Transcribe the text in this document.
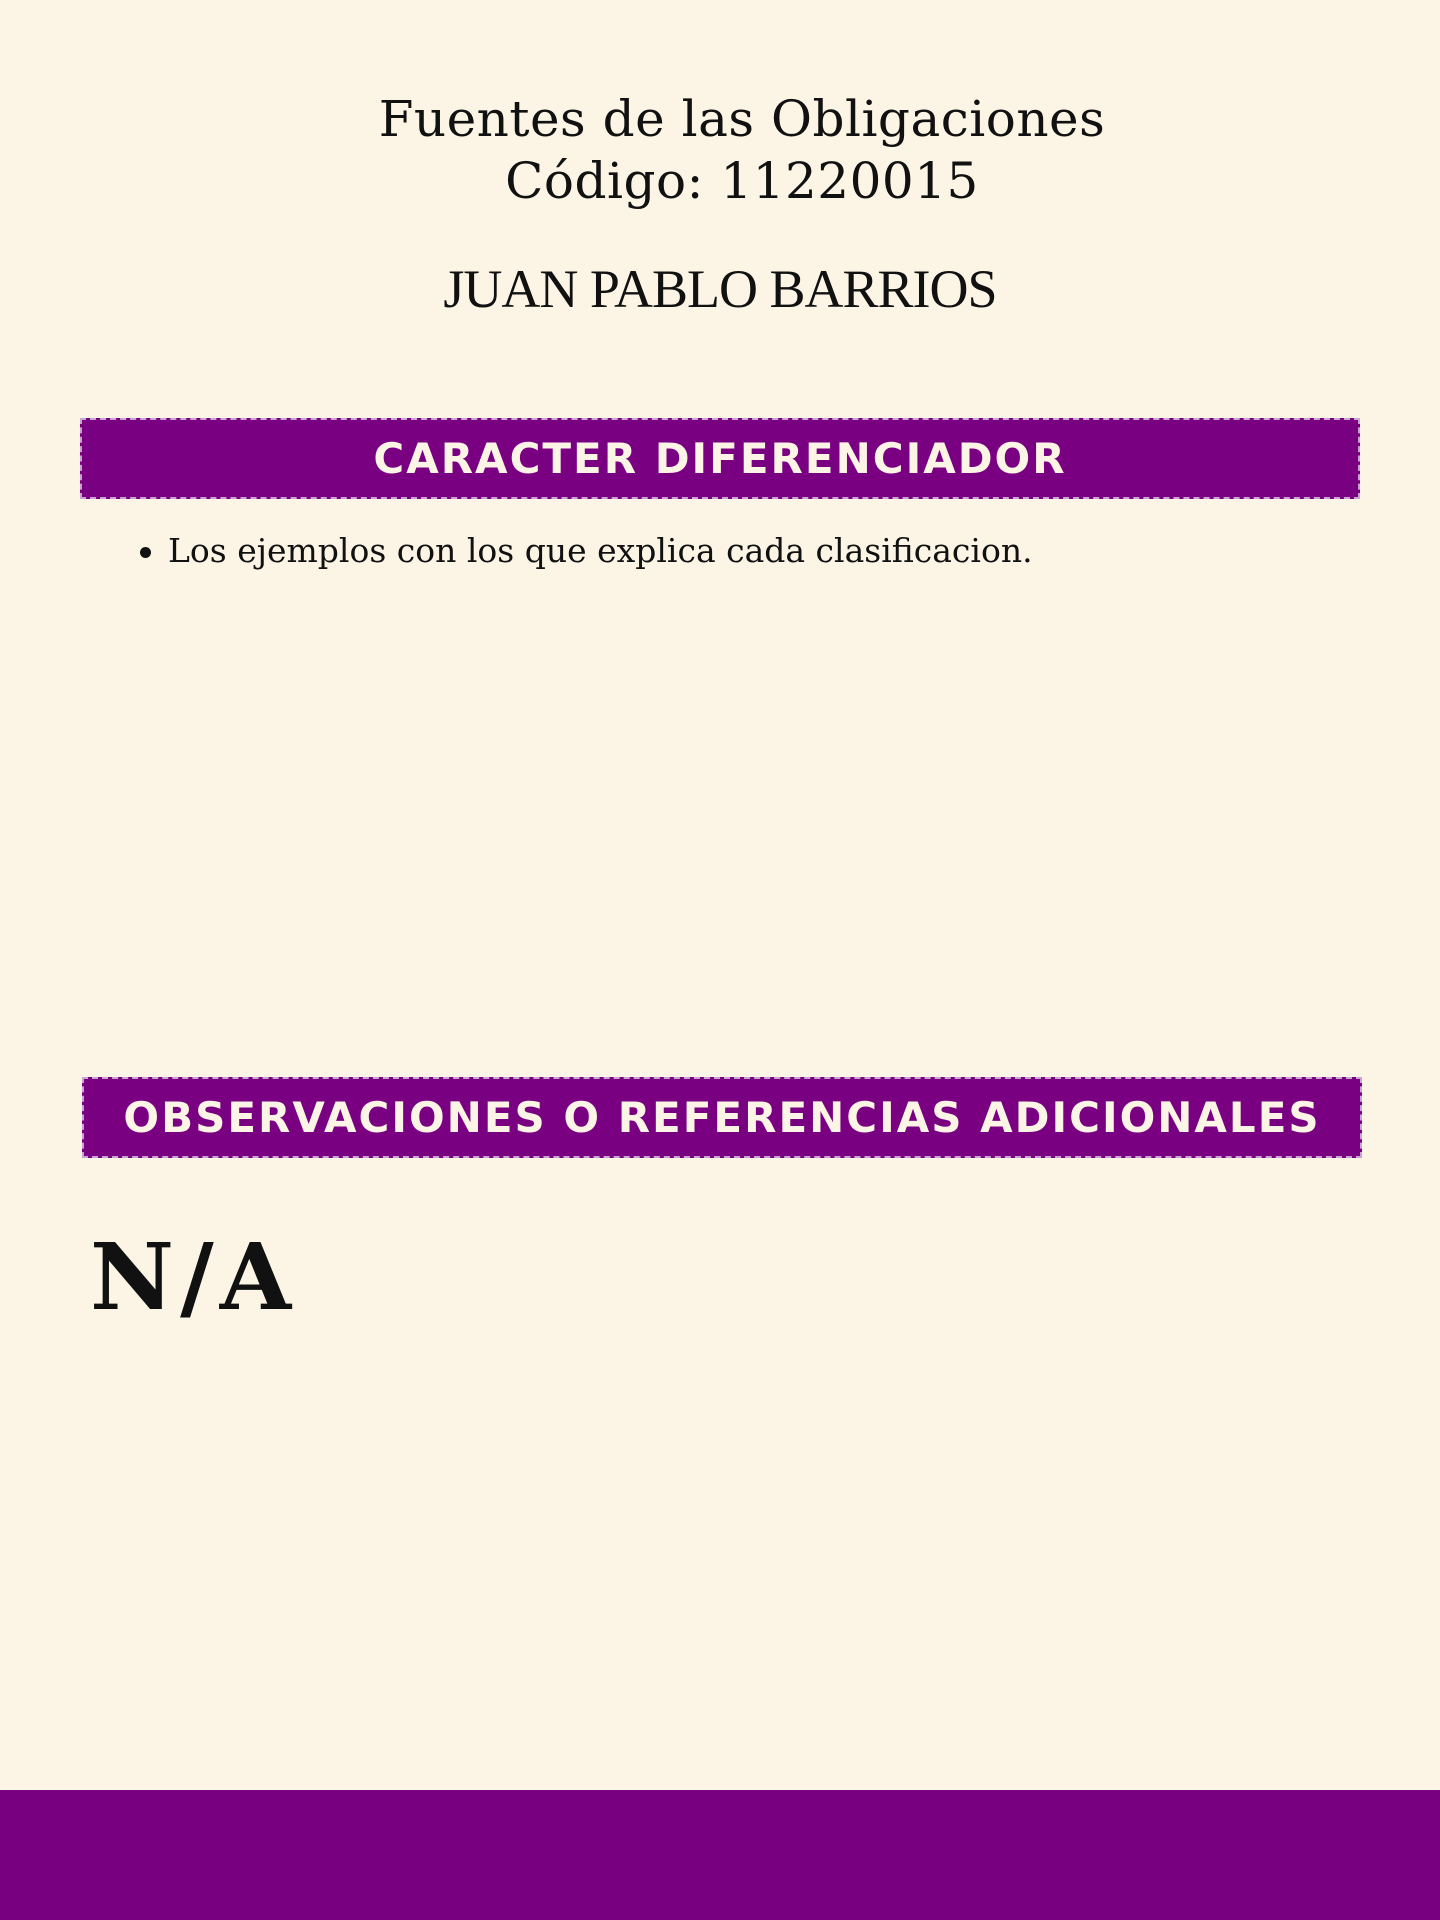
Fuentes de las Obligaciones

Código: 11220015

JUAN PABLO BARRIOS
CARACTER DIFERENCIADOR
Los ejemplos con los que explica cada clasificacion.
OBSERVACIONES O REFERENCIAS ADICIONALES
N/A
